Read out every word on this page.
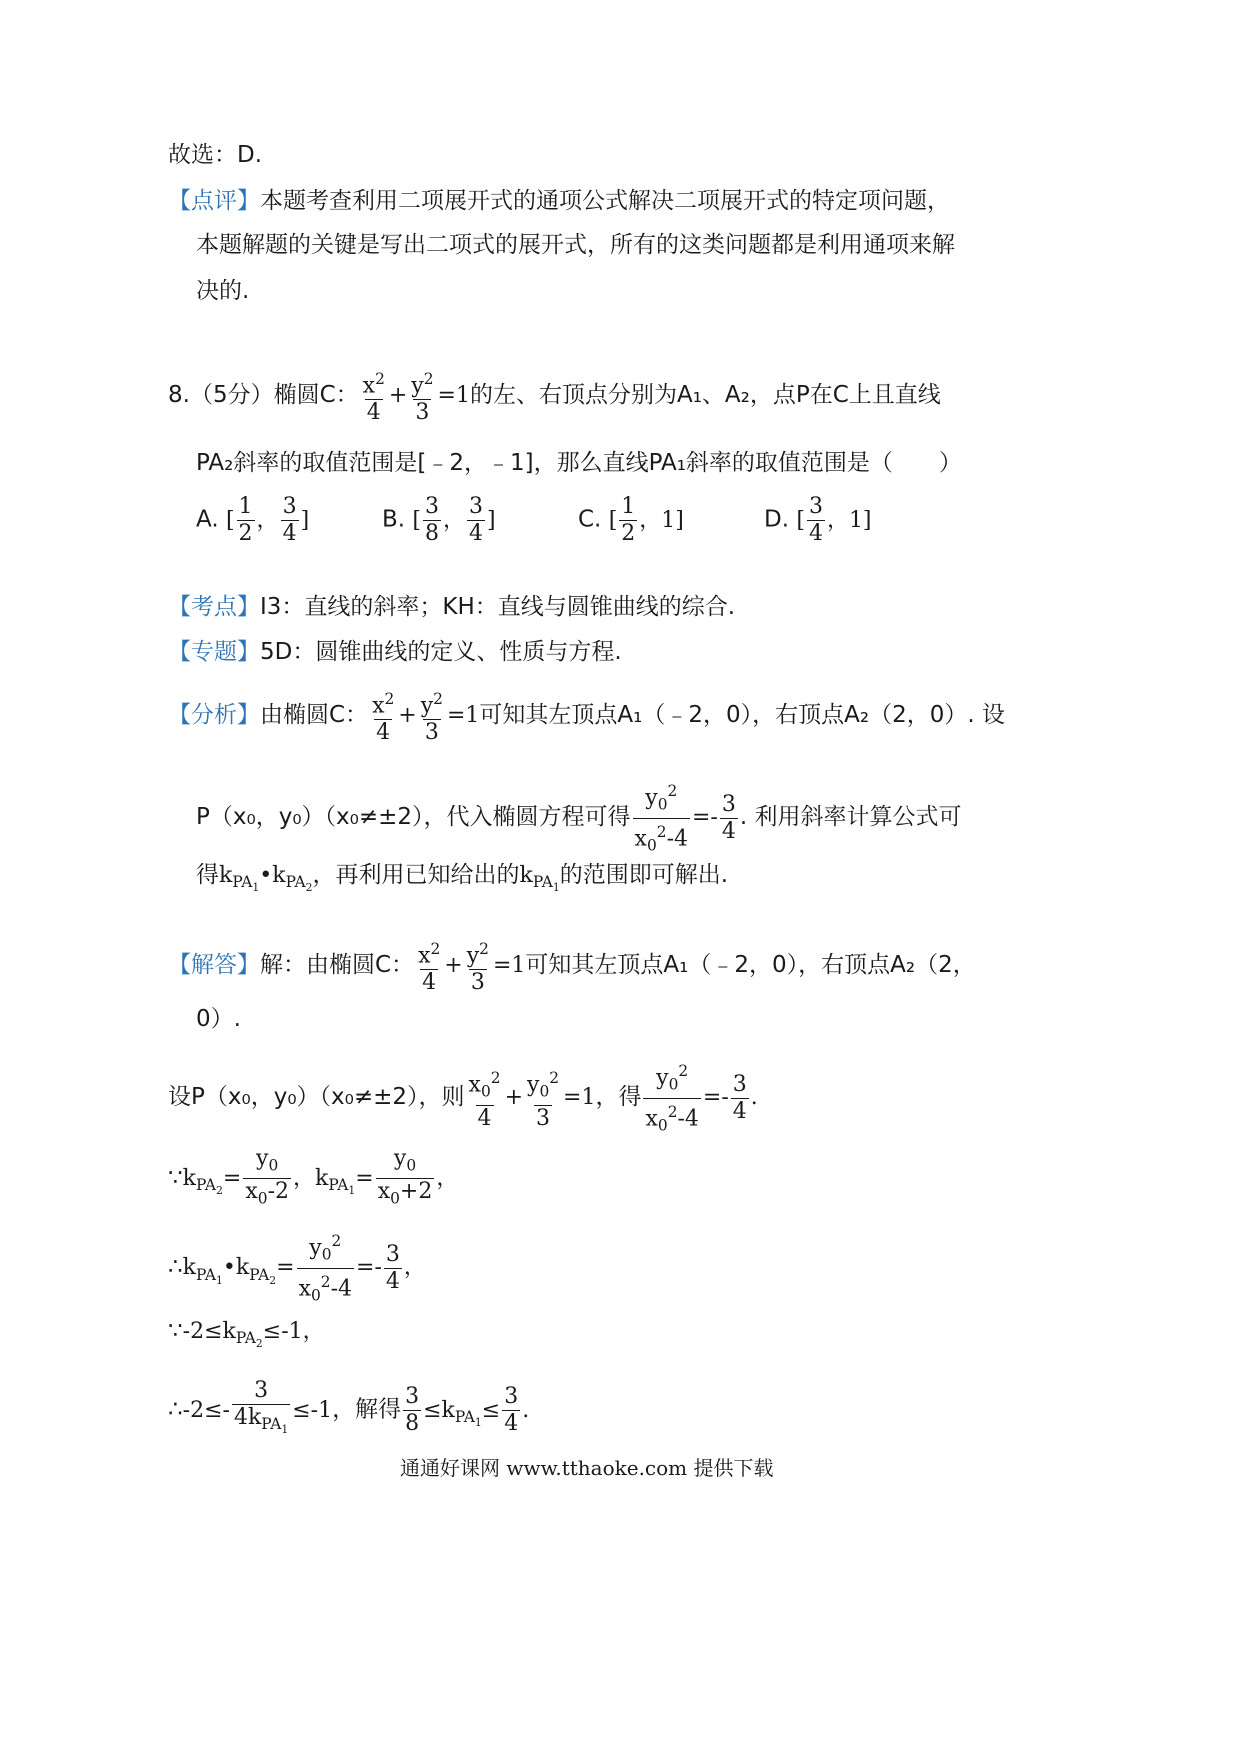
故选：D.
【点评】本题考查利用二项展开式的通项公式解决二项展开式的特定项问题，
本题解题的关键是写出二项式的展开式，所有的这类问题都是利用通项来解
决的.
8.（5分）椭圆C： $\frac{x^2}{4} + \frac{y^2}{3} =1$的左、右顶点分别为A₁、A₂，点P在C上且直线
PA₂斜率的取值范围是[﹣2，﹣1]，那么直线PA₁斜率的取值范围是（　　）
A. [ $\frac{1}{2}$ ， $\frac{3}{4}$ ]	B. [ $\frac{3}{8}$ ， $\frac{3}{4}$ ]	C. [ $\frac{1}{2}$ ，1]	D. [ $\frac{3}{4}$ ，1]
【考点】I3：直线的斜率；KH：直线与圆锥曲线的综合.
【专题】5D：圆锥曲线的定义、性质与方程.
【分析】由椭圆C： $\frac{x^2}{4} + \frac{y^2}{3} =1$可知其左顶点A₁（﹣2，0），右顶点A₂（2，0）. 设
P（x₀，y₀）（x₀≠±2），代入椭圆方程可得 $\frac{y_0^2}{x_0^2-4} =- \frac{3}{4}$ . 利用斜率计算公式可
得$k_{PA_1}•k_{PA_2}$，再利用已知给出的$k_{PA_1}$的范围即可解出.
【解答】解：由椭圆C： $\frac{x^2}{4} + \frac{y^2}{3} =1$可知其左顶点A₁（﹣2，0），右顶点A₂（2，
0）.
设P（x₀，y₀）（x₀≠±2），则 $\frac{x_0^2}{4} + \frac{y_0^2}{3} =1$，得 $\frac{y_0^2}{x_0^2-4} =- \frac{3}{4}$ .
$\because k_{PA_2}= \frac{y_0}{x_0-2}$ ，$k_{PA_1}= \frac{y_0}{x_0+2}$ ，
$\therefore k_{PA_1}•k_{PA_2}= \frac{y_0^2}{x_0^2-4} =- \frac{3}{4}$ ，
$\because-2\le k_{PA_2}\le-1$，
∴-2≤- $\frac{3}{4k_{PA_1}} \le-1$，解得 $\frac{3}{8} \le k_{PA_1}\le \frac{3}{4}$ .
通通好课网 www.tthaoke.com 提供下载
